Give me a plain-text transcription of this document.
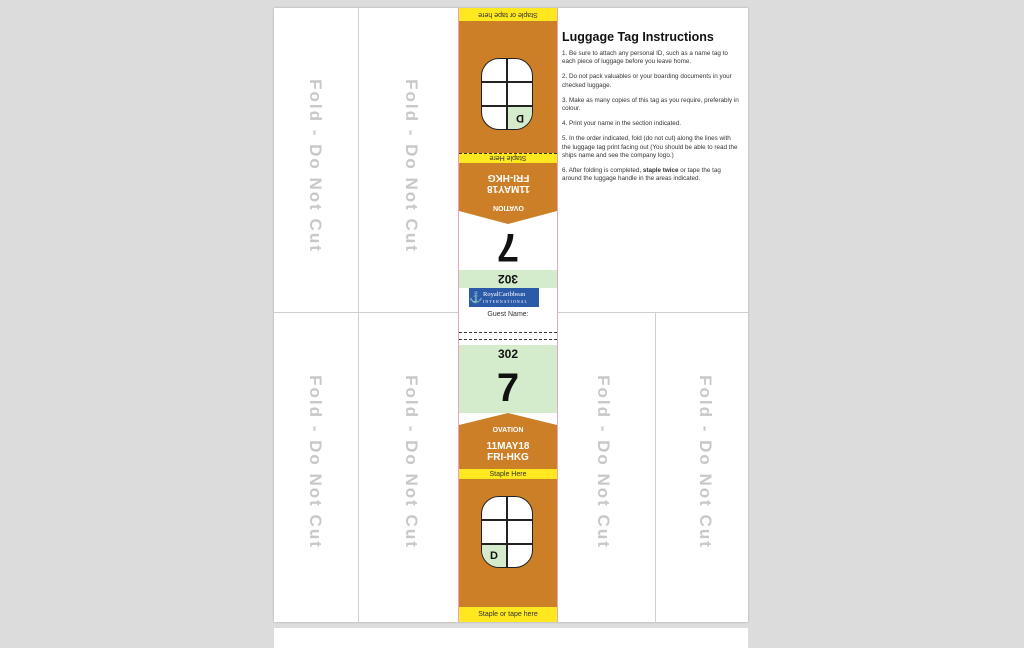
Fold - Do Not Cut	Fold - Do Not Cut
Fold - Do Not Cut	Fold - Do Not Cut	Fold - Do Not Cut	Fold - Do Not Cut
Staple or tape here
D
Staple Here
11MAY18
FRI-HKG
OVATION
7
302
⚓ RoyalCaribbean
INTERNATIONAL
Guest Name:
302
7
OVATION
11MAY18
FRI-HKG
Staple Here
D
Staple or tape here
Luggage Tag Instructions

1. Be sure to attach any personal ID, such as a name tag to each piece of luggage before you leave home.

2. Do not pack valuables or your boarding documents in your checked luggage.

3. Make as many copies of this tag as you require, preferably in colour.

4. Print your name in the section indicated.

5. In the order indicated, fold (do not cut) along the lines with the luggage tag print facing out (You should be able to read the ships name and see the company logo.)

6. After folding is completed, staple twice or tape the tag around the luggage handle in the areas indicated.
